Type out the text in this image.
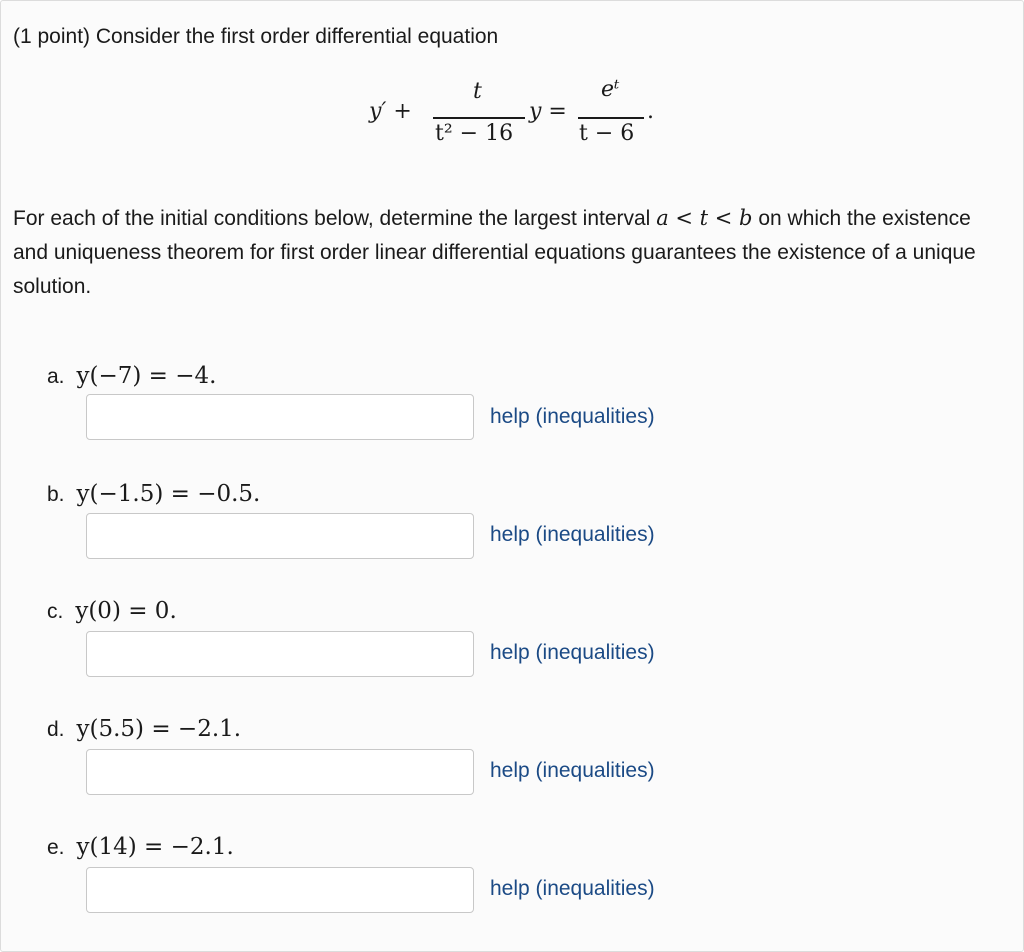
(1 point) Consider the first order differential equation
y′ +
t
t² − 16
y =
eᵗ
t − 6
.
For each of the initial conditions below, determine the largest interval a < t < b on which the existence and uniqueness theorem for first order linear differential equations guarantees the existence of a unique solution.
a. y(−7) = −4.
help (inequalities)
b. y(−1.5) = −0.5.
help (inequalities)
c. y(0) = 0.
help (inequalities)
d. y(5.5) = −2.1.
help (inequalities)
e. y(14) = −2.1.
help (inequalities)
